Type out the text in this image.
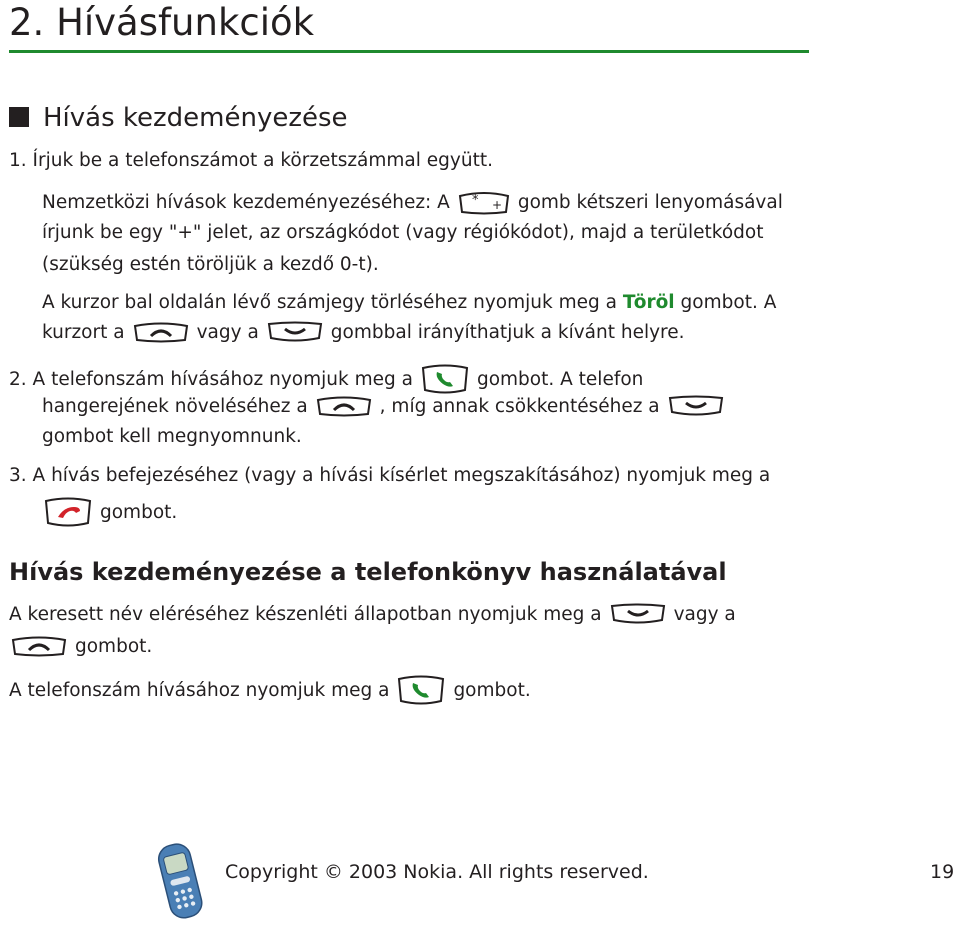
2. Hívásfunkciók
Hívás kezdeményezése
1. Írjuk be a telefonszámot a körzetszámmal együtt.
Nemzetközi hívások kezdeményezéséhez: A * + gomb kétszeri lenyomásával
írjunk be egy "+" jelet, az országkódot (vagy régiókódot), majd a területkódot
(szükség estén töröljük a kezdő 0-t).
A kurzor bal oldalán lévő számjegy törléséhez nyomjuk meg a Töröl gombot. A
kurzort a	vagy a	gombbal irányíthatjuk a kívánt helyre.
2. A telefonszám hívásához nyomjuk meg a	gombot. A telefon
hangerejének növeléséhez a	, míg annak csökkentéséhez a
gombot kell megnyomnunk.
3. A hívás befejezéséhez (vagy a hívási kísérlet megszakításához) nyomjuk meg a
gombot.
Hívás kezdeményezése a telefonkönyv használatával
A keresett név eléréséhez készenléti állapotban nyomjuk meg a	vagy a
gombot.
A telefonszám hívásához nyomjuk meg a	gombot.
Copyright © 2003 Nokia. All rights reserved.	19
